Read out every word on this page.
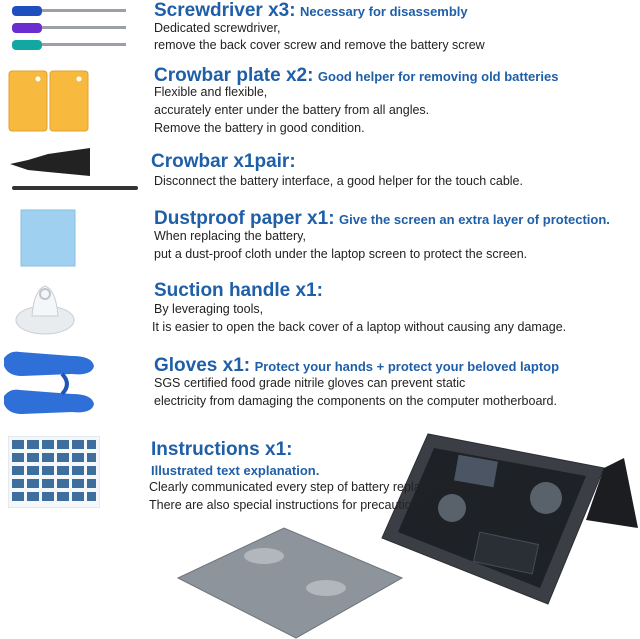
Screwdriver x3: Necessary for disassembly
Dedicated screwdriver,
remove the back cover screw and remove the battery screw
Crowbar plate x2: Good helper for removing old batteries
Flexible and flexible,
accurately enter under the battery from all angles.
Remove the battery in good condition.
Crowbar x1pair:
Disconnect the battery interface, a good helper for the touch cable.
Dustproof paper x1: Give the screen an extra layer of protection.
When replacing the battery,
put a dust-proof cloth under the laptop screen to protect the screen.
Suction handle x1:
By leveraging tools,
It is easier to open the back cover of a laptop without causing any damage.
Gloves x1: Protect your hands + protect your beloved laptop
SGS certified food grade nitrile gloves can prevent static
electricity from damaging the components on the computer motherboard.
Instructions x1:
Illustrated text explanation.
Clearly communicated every step of battery replacement
There are also special instructions for precautions.
